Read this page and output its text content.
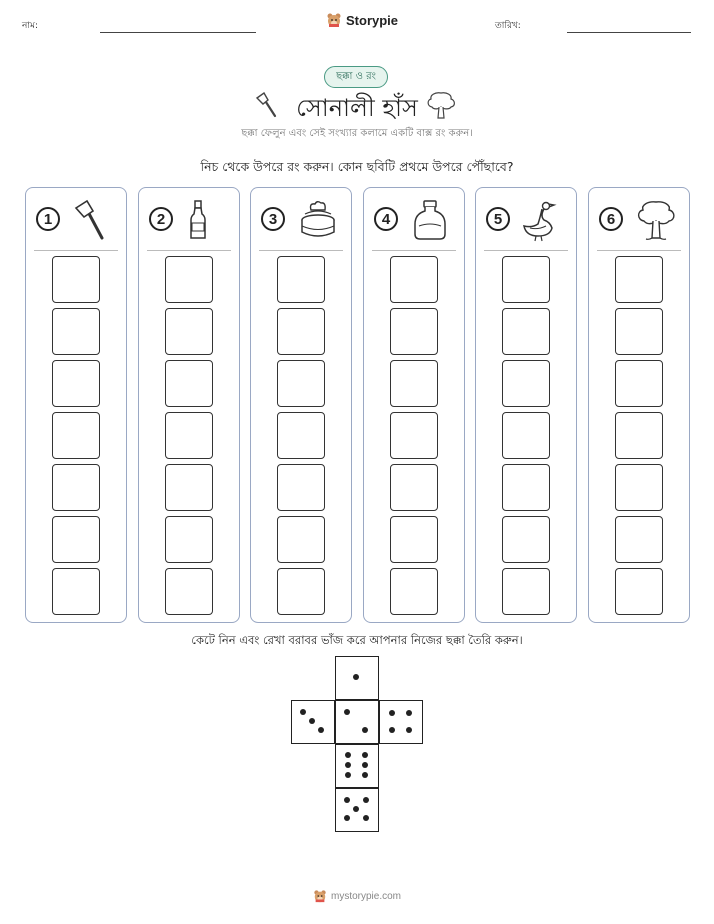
নাম:	Storypie	তারিখ:
ছক্কা ও রং
সোনালী হাঁস
ছক্কা ফেলুন এবং সেই সংখ্যার কলামে একটি বাক্স রং করুন।
নিচ থেকে উপরে রং করুন। কোন ছবিটি প্রথমে উপরে পৌঁছাবে?
1	2	3	4	5	6
কেটে নিন এবং রেখা বরাবর ভাঁজ করে আপনার নিজের ছক্কা তৈরি করুন।
mystorypie.com
